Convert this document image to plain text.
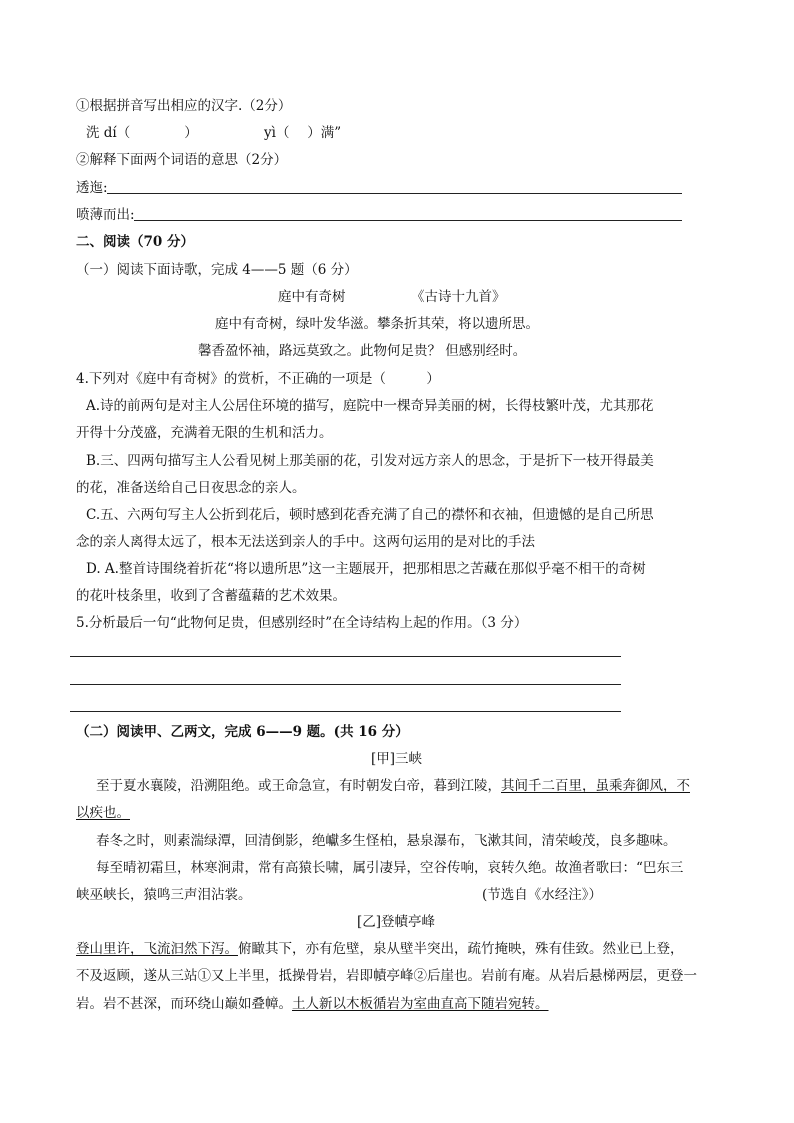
①根据拼音写出相应的汉字.（2分）
洗 dí（　　　　）	yì（　 ）满”
②解释下面两个词语的意思（2分）
透迤:
喷薄而出:
二、阅读（70 分）
（一）阅读下面诗歌，完成 4——5 题（6 分）
庭中有奇树	《古诗十九首》
庭中有奇树，绿叶发华滋。攀条折其荣，将以遗所思。
馨香盈怀袖，路远莫致之。此物何足贵？ 但感别经时。
4.下列对《庭中有奇树》的赏析，不正确的一项是（　　　）
A.诗的前两句是对主人公居住环境的描写，庭院中一棵奇异美丽的树，长得枝繁叶茂，尤其那花
开得十分茂盛，充满着无限的生机和活力。
B.三、四两句描写主人公看见树上那美丽的花，引发对远方亲人的思念，于是折下一枝开得最美
的花，准备送给自己日夜思念的亲人。
C.五、六两句写主人公折到花后，顿时感到花香充满了自己的襟怀和衣袖，但遗憾的是自己所思
念的亲人离得太远了，根本无法送到亲人的手中。这两句运用的是对比的手法
D. A.整首诗围绕着折花“将以遗所思”这一主题展开，把那相思之苦藏在那似乎毫不相干的奇树
的花叶枝条里，收到了含蓄蕴藉的艺术效果。
5.分析最后一句“此物何足贵，但感别经时”在全诗结构上起的作用。（3 分）
（二）阅读甲、乙两文，完成 6——9 题。(共 16 分）
[甲]三峡
至于夏水襄陵，沿溯阻绝。或王命急宣，有时朝发白帝，暮到江陵，其间千二百里，虽乘奔御风，不
以疾也。
春冬之时，则素湍绿潭，回清倒影，绝巘多生怪柏，悬泉瀑布，飞漱其间，清荣峻茂，良多趣味。
每至晴初霜旦，林寒涧肃，常有高猿长啸，属引凄异，空谷传响，哀转久绝。故渔者歌曰：“巴东三
峡巫峡长，猿鸣三声泪沾裳。	(节选自《水经注》）
[乙]登幘亭峰
登山里许，飞流汩然下泻。俯瞰其下，亦有危壁，泉从壁半突出，疏竹掩映，殊有佳致。然业已上登，
不及返顾，遂从三站①又上半里，抵操骨岩，岩即幘亭峰②后崖也。岩前有庵。从岩后悬梯两层，更登一
岩。岩不甚深，而环绕山巅如叠幛。土人新以木板循岩为室曲直高下随岩宛转。
